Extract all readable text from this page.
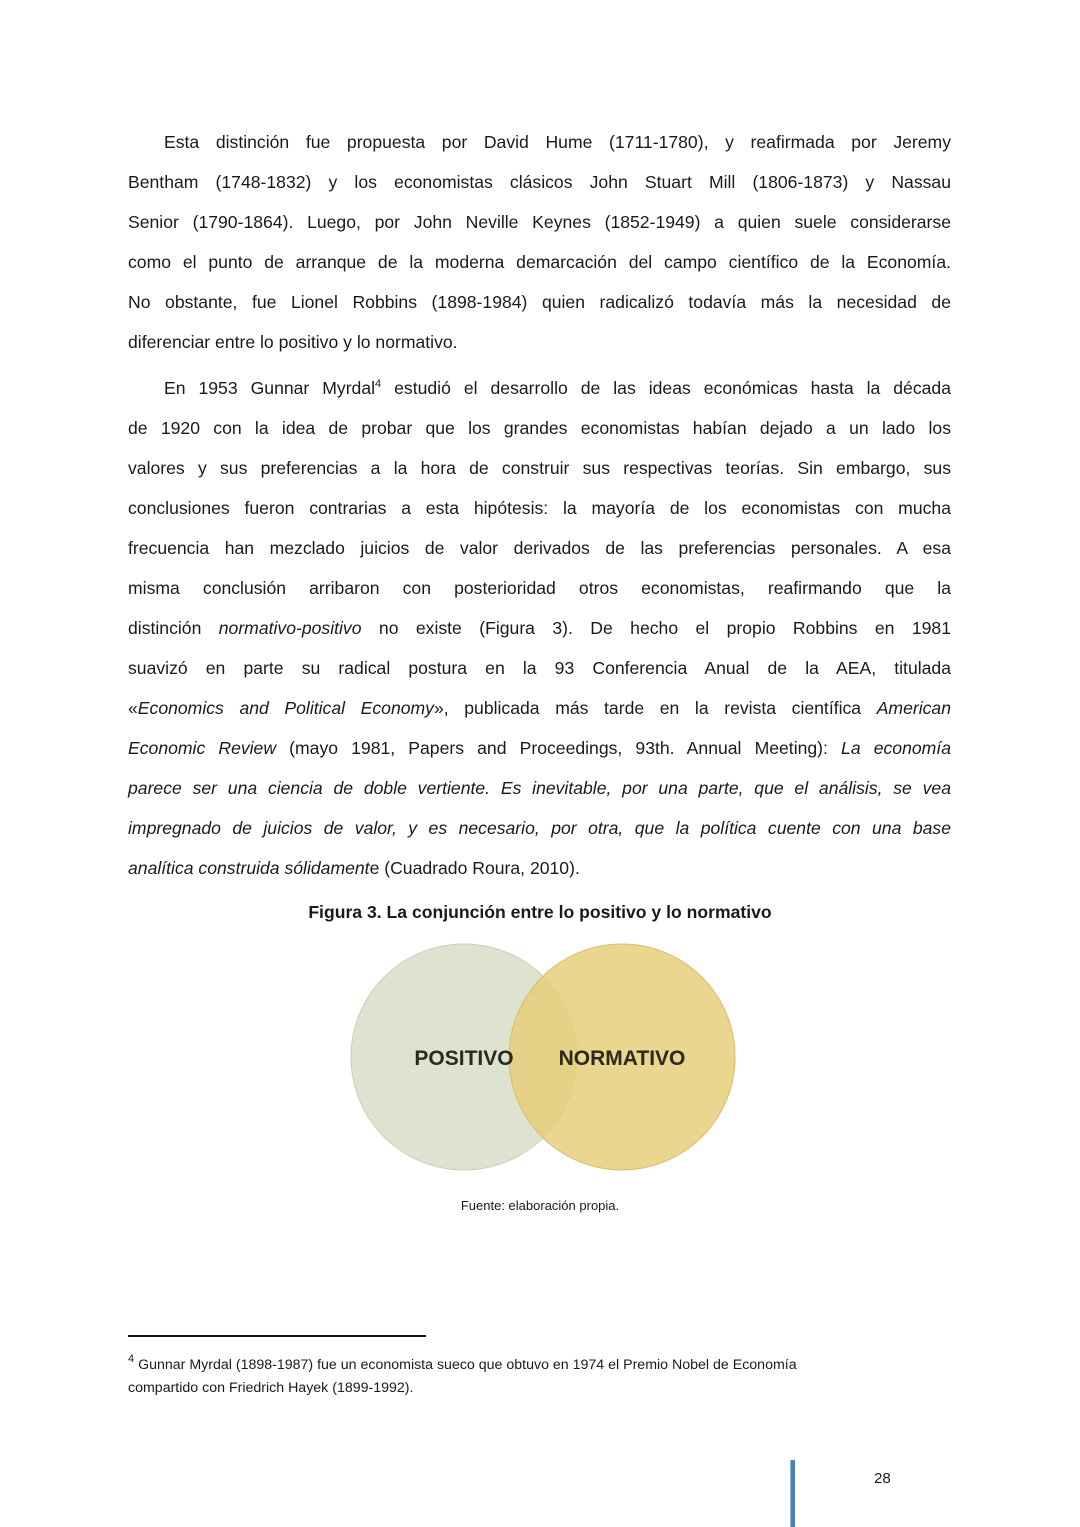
Esta distinción fue propuesta por David Hume (1711-1780), y reafirmada por Jeremy
Bentham (1748-1832) y los economistas clásicos John Stuart Mill (1806-1873) y Nassau
Senior (1790-1864). Luego, por John Neville Keynes (1852-1949) a quien suele considerarse
como el punto de arranque de la moderna demarcación del campo científico de la Economía.
No obstante, fue Lionel Robbins (1898-1984) quien radicalizó todavía más la necesidad de
diferenciar entre lo positivo y lo normativo.
En 1953 Gunnar Myrdal$^4$ estudió el desarrollo de las ideas económicas hasta la década
de 1920 con la idea de probar que los grandes economistas habían dejado a un lado los
valores y sus preferencias a la hora de construir sus respectivas teorías. Sin embargo, sus
conclusiones fueron contrarias a esta hipótesis: la mayoría de los economistas con mucha
frecuencia han mezclado juicios de valor derivados de las preferencias personales. A esa
misma conclusión arribaron con posterioridad otros economistas, reafirmando que la
distinción normativo-positivo no existe (Figura 3). De hecho el propio Robbins en 1981
suavizó en parte su radical postura en la 93 Conferencia Anual de la AEA, titulada
«Economics and Political Economy», publicada más tarde en la revista científica American
Economic Review (mayo 1981, Papers and Proceedings, 93th. Annual Meeting): La economía
parece ser una ciencia de doble vertiente. Es inevitable, por una parte, que el análisis, se vea
impregnado de juicios de valor, y es necesario, por otra, que la política cuente con una base
analítica construida sólidamente (Cuadrado Roura, 2010).
Figura 3. La conjunción entre lo positivo y lo normativo
POSITIVO NORMATIVO
Fuente: elaboración propia.
$^4$ Gunnar Myrdal (1898-1987) fue un economista sueco que obtuvo en 1974 el Premio Nobel de Economía
compartido con Friedrich Hayek (1899-1992).
28
